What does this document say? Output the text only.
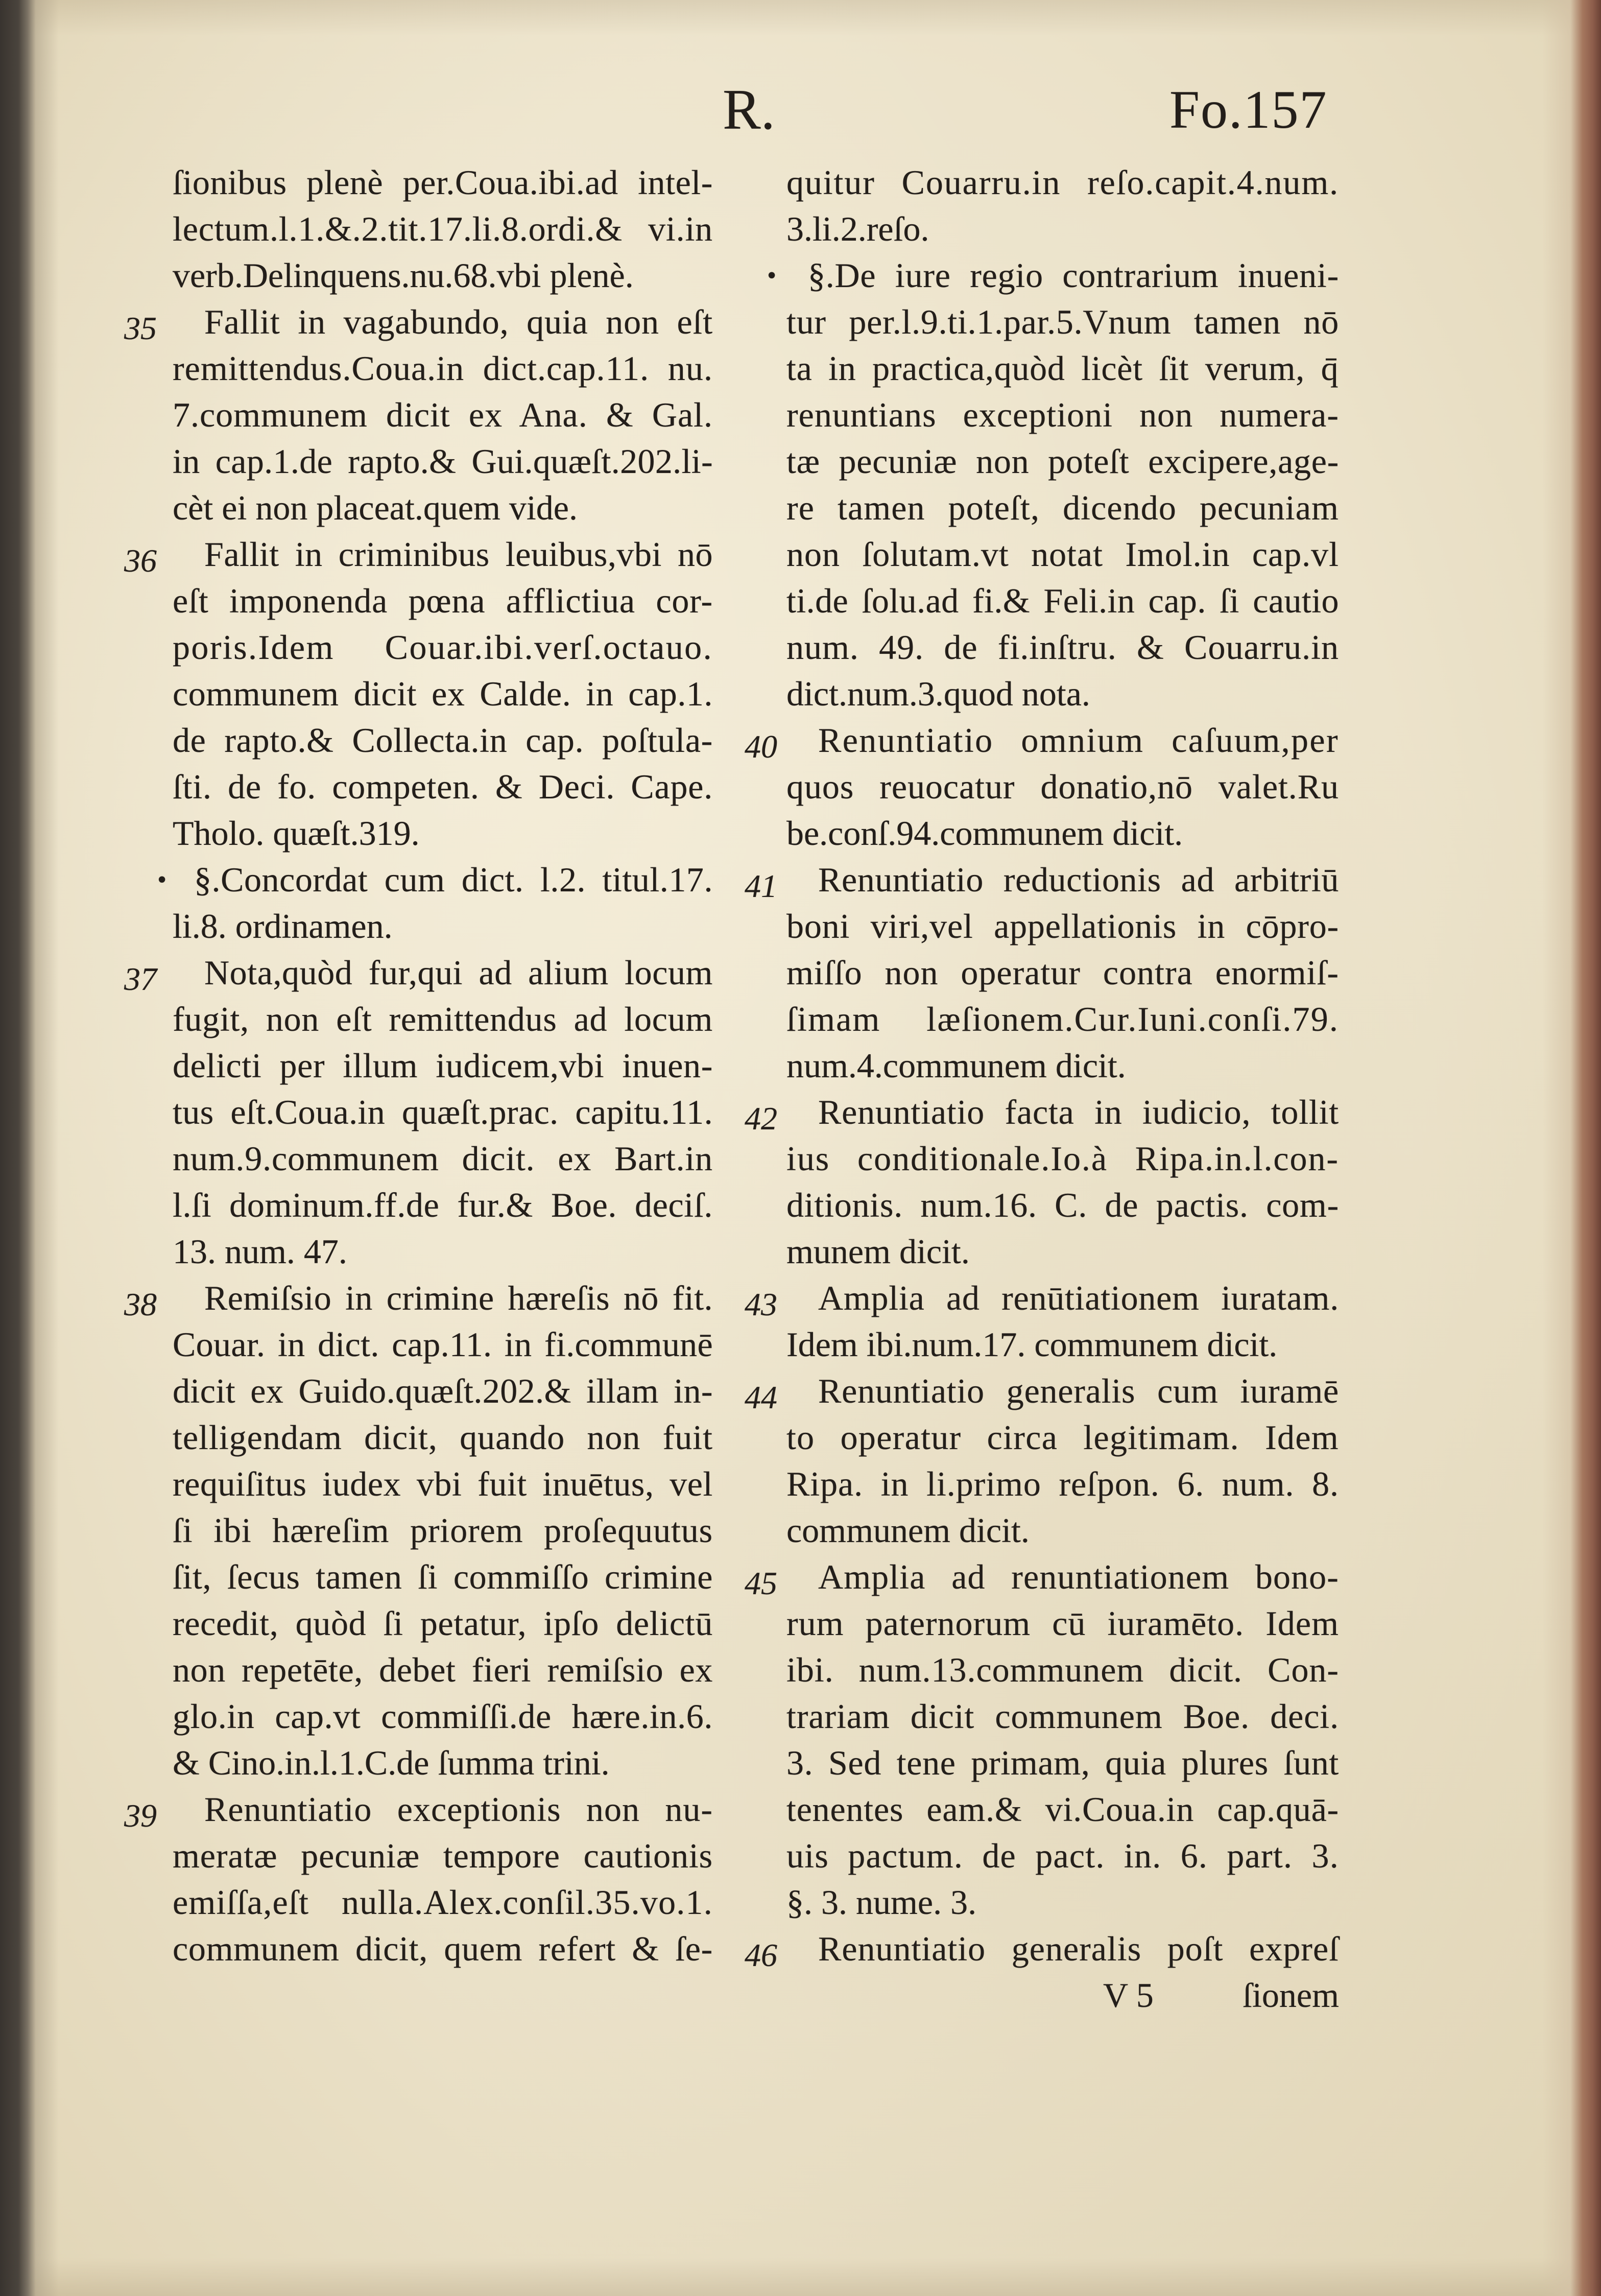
R.	Fo.157
ſionibus plenè per.Coua.ibi.ad intel-
lectum.l.1.&.2.tit.17.li.8.ordi.& vi.in
verb.Delinquens.nu.68.vbi plenè.
35	Fallit in vagabundo, quia non eſt
remittendus.Coua.in dict.cap.11. nu.
7.communem dicit ex Ana. & Gal.
in cap.1.de rapto.& Gui.quæſt.202.li-
cèt ei non placeat.quem vide.
36	Fallit in criminibus leuibus,vbi nō
eſt imponenda pœna afflictiua cor-
poris.Idem Couar.ibi.verſ.octauo.
communem dicit ex Calde. in cap.1.
de rapto.& Collecta.in cap. poſtula-
ſti. de fo. competen. & Deci. Cape.
Tholo. quæſt.319.
• §.Concordat cum dict. l.2. titul.17.
li.8. ordinamen.
37	Nota,quòd fur,qui ad alium locum
fugit, non eſt remittendus ad locum
delicti per illum iudicem,vbi inuen-
tus eſt.Coua.in quæſt.prac. capitu.11.
num.9.communem dicit. ex Bart.in
l.ſi dominum.ff.de fur.& Boe. deciſ.
13. num. 47.
38	Remiſsio in crimine hæreſis nō fit.
Couar. in dict. cap.11. in fi.communē
dicit ex Guido.quæſt.202.& illam in-
telligendam dicit, quando non fuit
requiſitus iudex vbi fuit inuētus, vel
ſi ibi hæreſim priorem proſequutus
ſit, ſecus tamen ſi commiſſo crimine
recedit, quòd ſi petatur, ipſo delictū
non repetēte, debet fieri remiſsio ex
glo.in cap.vt commiſſi.de hære.in.6.
& Cino.in.l.1.C.de ſumma trini.
39	Renuntiatio exceptionis non nu-
meratæ pecuniæ tempore cautionis
emiſſa,eſt nulla.Alex.conſil.35.vo.1.
communem dicit, quem refert & ſe-
quitur Couarru.in reſo.capit.4.num.
3.li.2.reſo.
• §.De iure regio contrarium inueni-
tur per.l.9.ti.1.par.5.Vnum tamen nō
ta in practica,quòd licèt ſit verum, q̄
renuntians exceptioni non numera-
tæ pecuniæ non poteſt excipere,age-
re tamen poteſt, dicendo pecuniam
non ſolutam.vt notat Imol.in cap.vl
ti.de ſolu.ad fi.& Feli.in cap. ſi cautio
num. 49. de fi.inſtru. & Couarru.in
dict.num.3.quod nota.
40	Renuntiatio omnium caſuum,per
quos reuocatur donatio,nō valet.Ru
be.conſ.94.communem dicit.
41	Renuntiatio reductionis ad arbitriū
boni viri,vel appellationis in cōpro-
miſſo non operatur contra enormiſ-
ſimam læſionem.Cur.Iuni.conſi.79.
num.4.communem dicit.
42	Renuntiatio facta in iudicio, tollit
ius conditionale.Io.à Ripa.in.l.con-
ditionis. num.16. C. de pactis. com-
munem dicit.
43	Amplia ad renūtiationem iuratam.
Idem ibi.num.17. communem dicit.
44	Renuntiatio generalis cum iuramē
to operatur circa legitimam. Idem
Ripa. in li.primo reſpon. 6. num. 8.
communem dicit.
45	Amplia ad renuntiationem bono-
rum paternorum cū iuramēto. Idem
ibi. num.13.communem dicit. Con-
trariam dicit communem Boe. deci.
3. Sed tene primam, quia plures ſunt
tenentes eam.& vi.Coua.in cap.quā-
uis pactum. de pact. in. 6. part. 3.
§. 3. nume. 3.
46	Renuntiatio generalis poſt expreſ
V 5	ſionem
